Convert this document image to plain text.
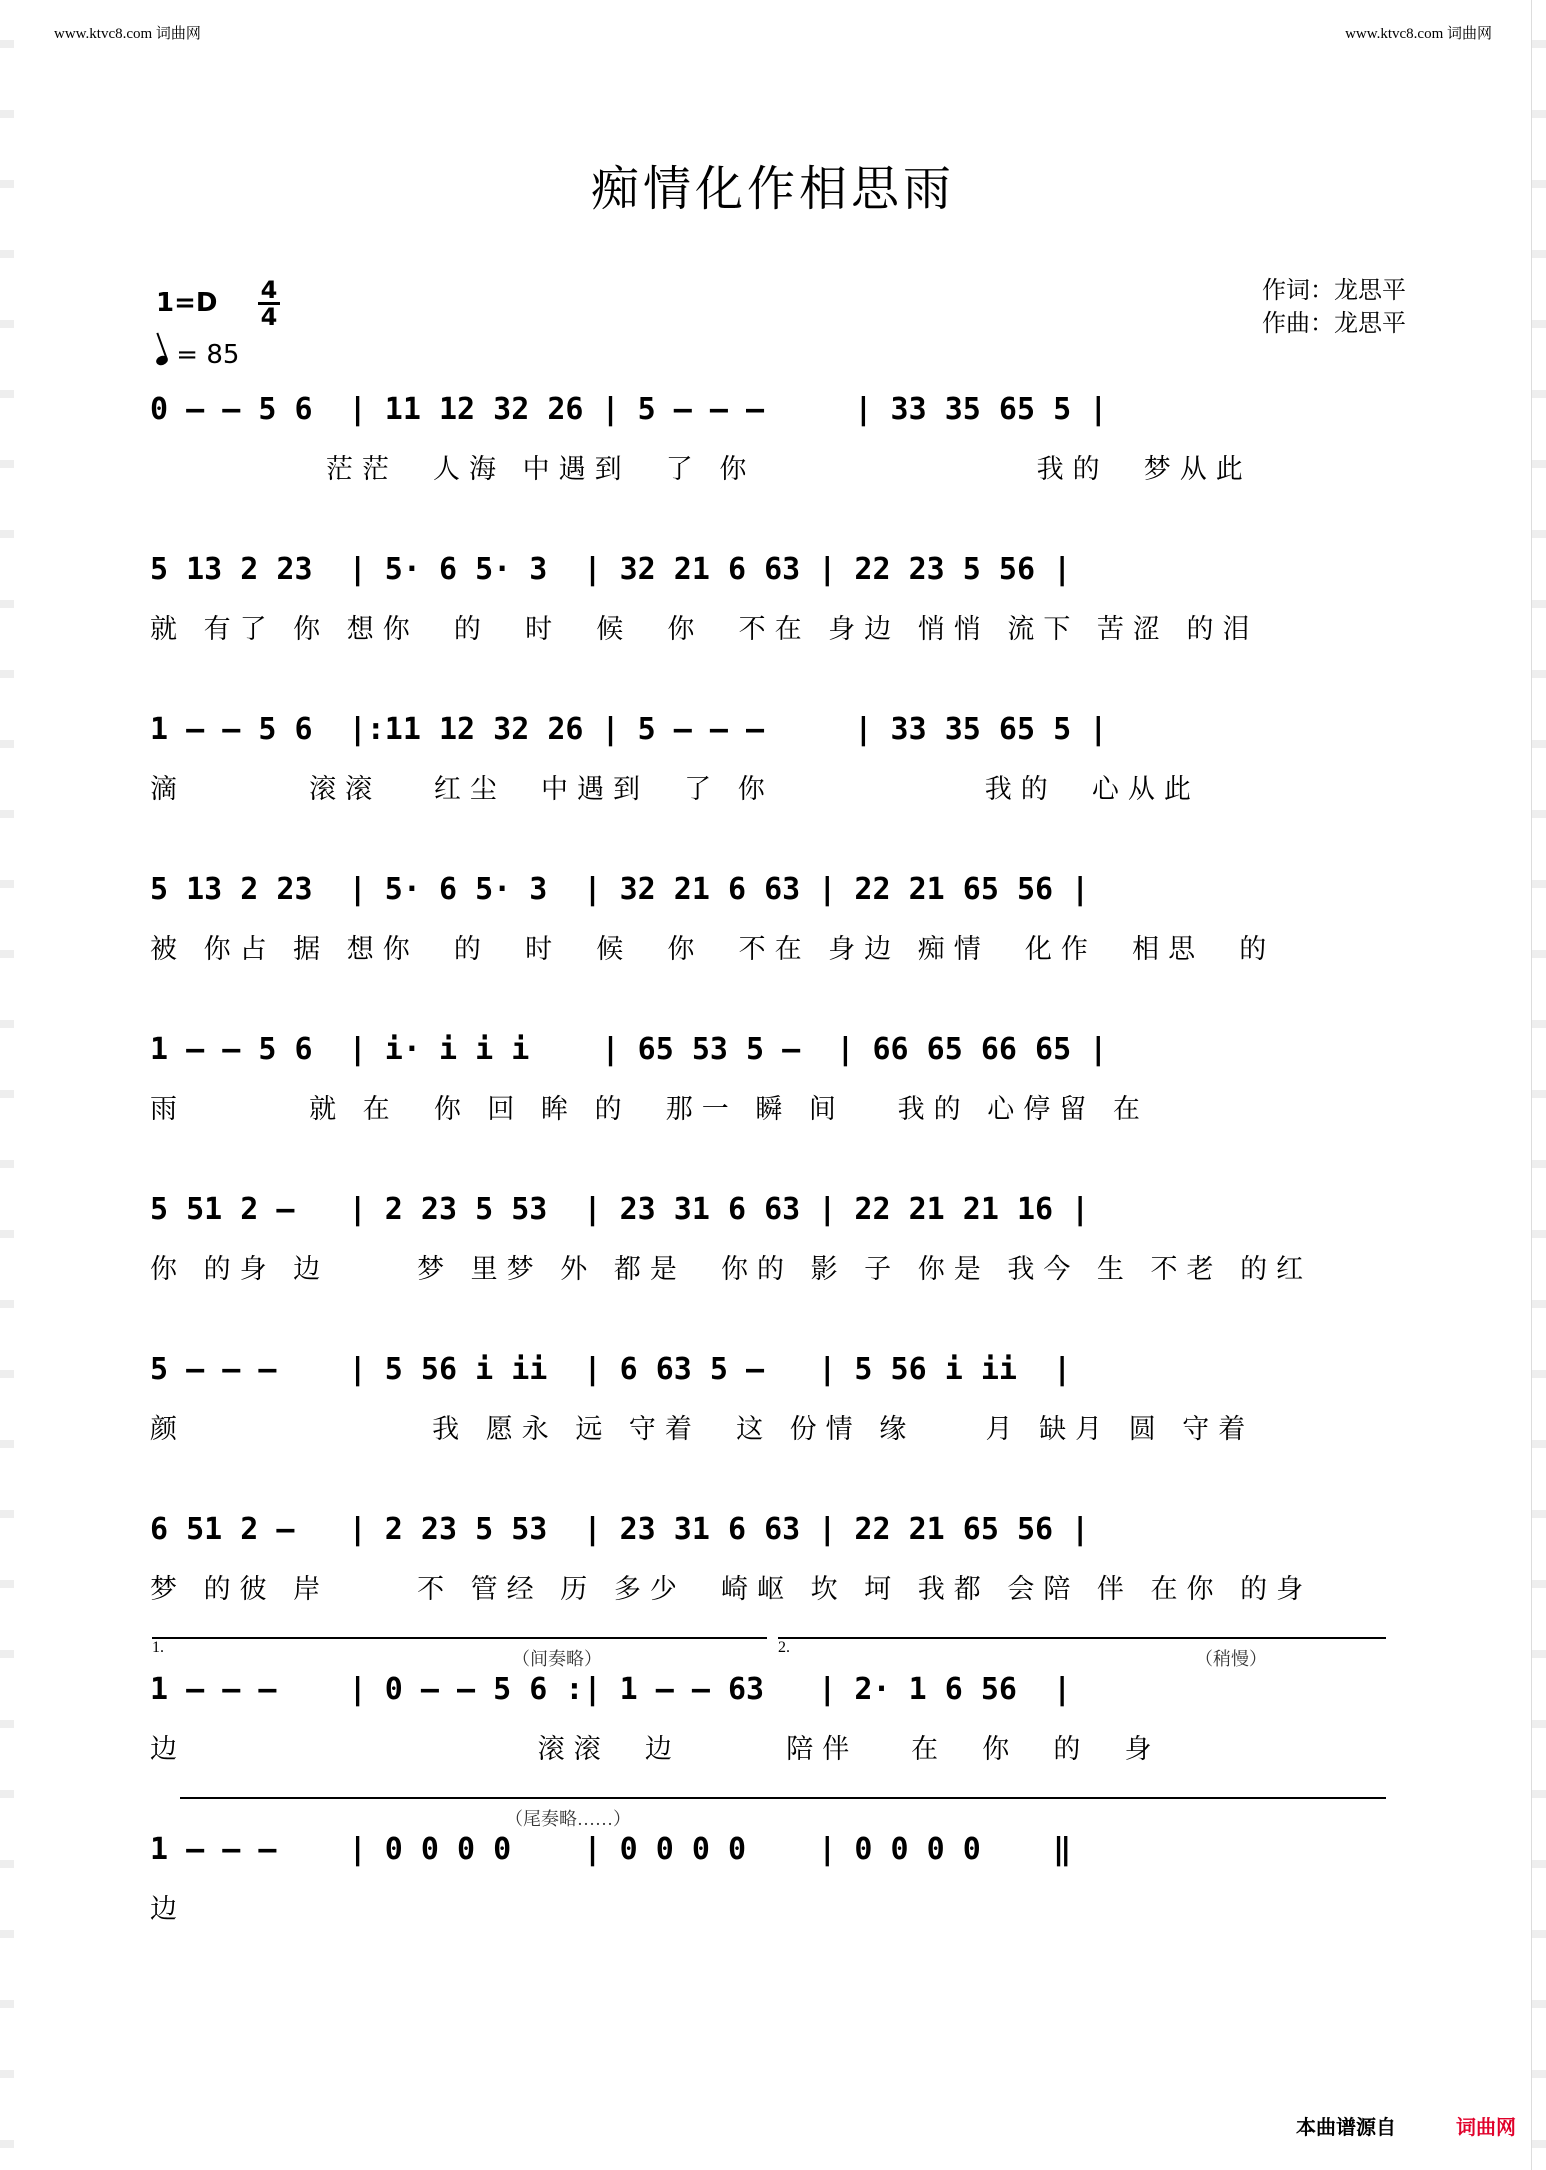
www.ktvc8.com 词曲网	www.ktvc8.com 词曲网
痴情化作相思雨
1=D 4
4
= 85
作词：龙思平
作曲：龙思平
0 – – 5 6  | 11 12 32 26 | 5 – – –     | 33 35 65 5 |
茫茫  人海 中遇到  了 你                我的  梦从此
5 13 2 23  | 5· 6 5· 3  | 32 21 6 63 | 22 23 5 56 |
就 有了 你 想你  的  时  候  你  不在 身边 悄悄 流下 苦涩 的泪
1 – – 5 6  |:11 12 32 26 | 5 – – –     | 33 35 65 5 |
滴       滚滚   红尘  中遇到  了 你            我的  心从此
5 13 2 23  | 5· 6 5· 3  | 32 21 6 63 | 22 21 65 56 |
被 你占 据 想你  的  时  候  你  不在 身边 痴情  化作  相思  的
1 – – 5 6  | i· i i i    | 65 53 5 –  | 66 65 66 65 |
雨       就 在  你 回 眸 的  那一 瞬 间   我的 心停留 在
5 51 2 –   | 2 23 5 53  | 23 31 6 63 | 22 21 21 16 |
你 的身 边     梦 里梦 外 都是  你的 影 子 你是 我今 生 不老 的红
5 – – –    | 5 56 i ii  | 6 63 5 –   | 5 56 i ii  |
颜              我 愿永 远 守着  这 份情 缘    月 缺月 圆 守着
6 51 2 –   | 2 23 5 53  | 23 31 6 63 | 22 21 65 56 |
梦 的彼 岸     不 管经 历 多少  崎岖 坎 坷 我都 会陪 伴 在你 的身
1 – – –    | 0 – – 5 6 :| 1 – – 63   | 2· 1 6 56  |
边                    滚滚  边      陪伴   在  你  的  身
1 – – –    | 0 0 0 0    | 0 0 0 0    | 0 0 0 0    ‖
边
1.	2.
（间奏略）	（稍慢）
（尾奏略……）
本曲谱源自	词曲网
